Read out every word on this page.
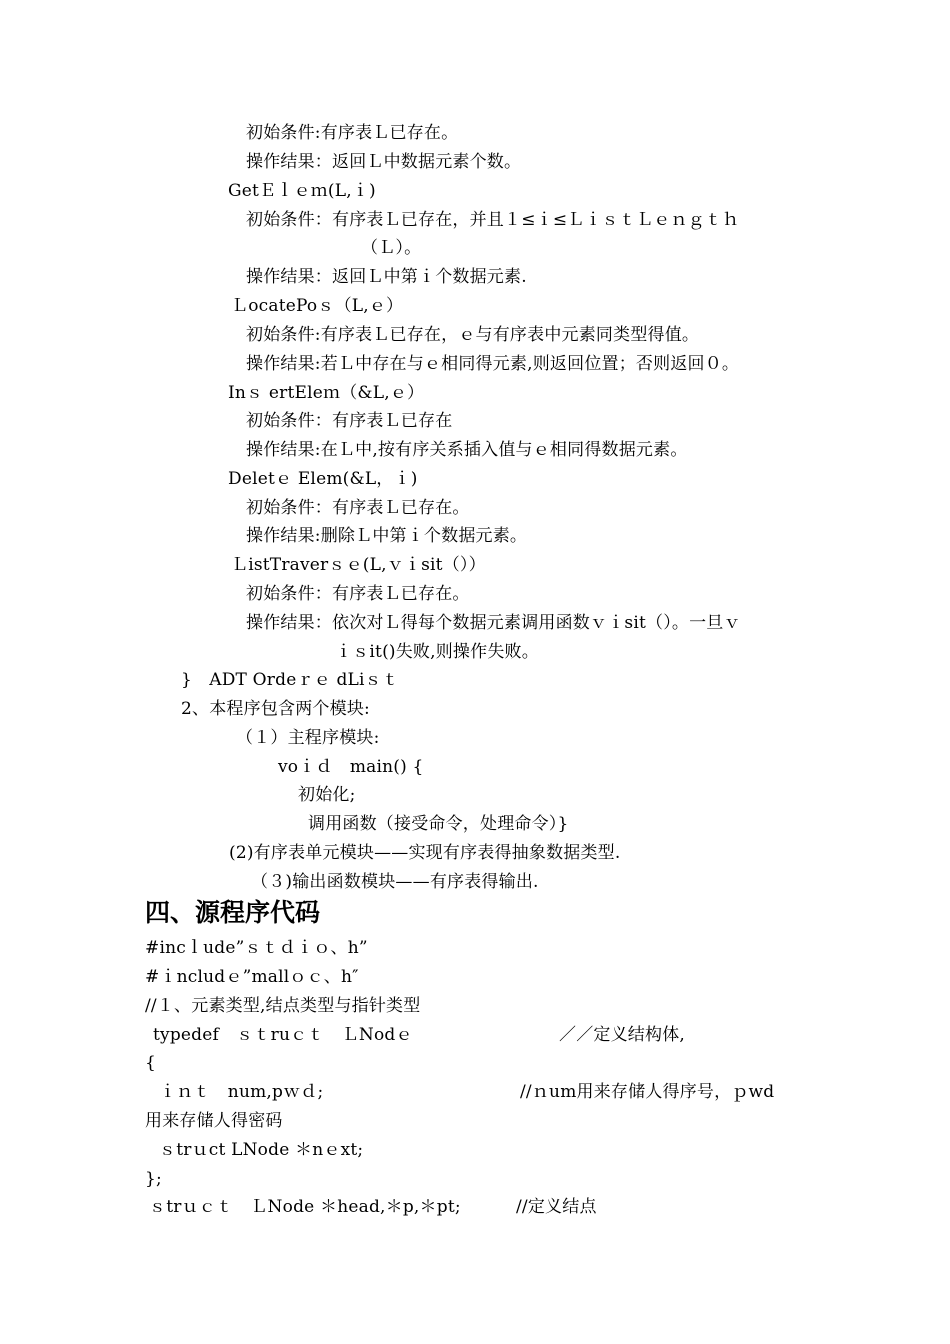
初始条件:有序表Ｌ已存在。
操作结果：返回Ｌ中数据元素个数。
GetＥｌｅｍ(L,ｉ)
初始条件：有序表Ｌ已存在，并且１≤ｉ≤ＬｉｓｔＬｅｎｇｔｈ
（Ｌ）。
操作结果：返回Ｌ中第ｉ个数据元素.
ＬocatePoｓ（L,ｅ）
初始条件:有序表Ｌ已存在，ｅ与有序表中元素同类型得值。
操作结果:若Ｌ中存在与ｅ相同得元素,则返回位置；否则返回０。
Inｓ ertEleｍ（&L,ｅ）
初始条件：有序表Ｌ已存在
操作结果:在Ｌ中,按有序关系插入值与ｅ相同得数据元素。
Deletｅ Elem(&L，ｉ)
初始条件：有序表Ｌ已存在。
操作结果:删除Ｌ中第ｉ个数据元素。
ＬistTraverｓｅ(L,ｖｉsit（））
初始条件：有序表Ｌ已存在。
操作结果：依次对Ｌ得每个数据元素调用函数ｖｉsit（）。一旦ｖ
ｉｓit()失败,则操作失败。
}　ADT Ordeｒｅ dLiｓｔ
2、本程序包含两个模块:
（１）主程序模块:
voｉｄ　main() {
初始化;
调用函数（接受命令，处理命令）}
(2)有序表单元模块——实现有序表得抽象数据类型.
（３)输出函数模块——有序表得输出.
四、源程序代码
#incｌude”ｓｔｄｉｏ、h”
#ｉncludｅ”mallｏｃ、h″
//１、元素类型,结点类型与指针类型
typedef　ｓｔruｃｔ　ＬNodｅ	／／定义结构体,
{
ｉｎｔ　num,pｗｄ;	//ｎum用来存储人得序号，ｐwd
用来存储人得密码
ｓtrｕct LNode ＊nｅxt;
};
ｓtrｕｃｔ　ＬNode ＊head,＊p,＊pt;	//定义结点
